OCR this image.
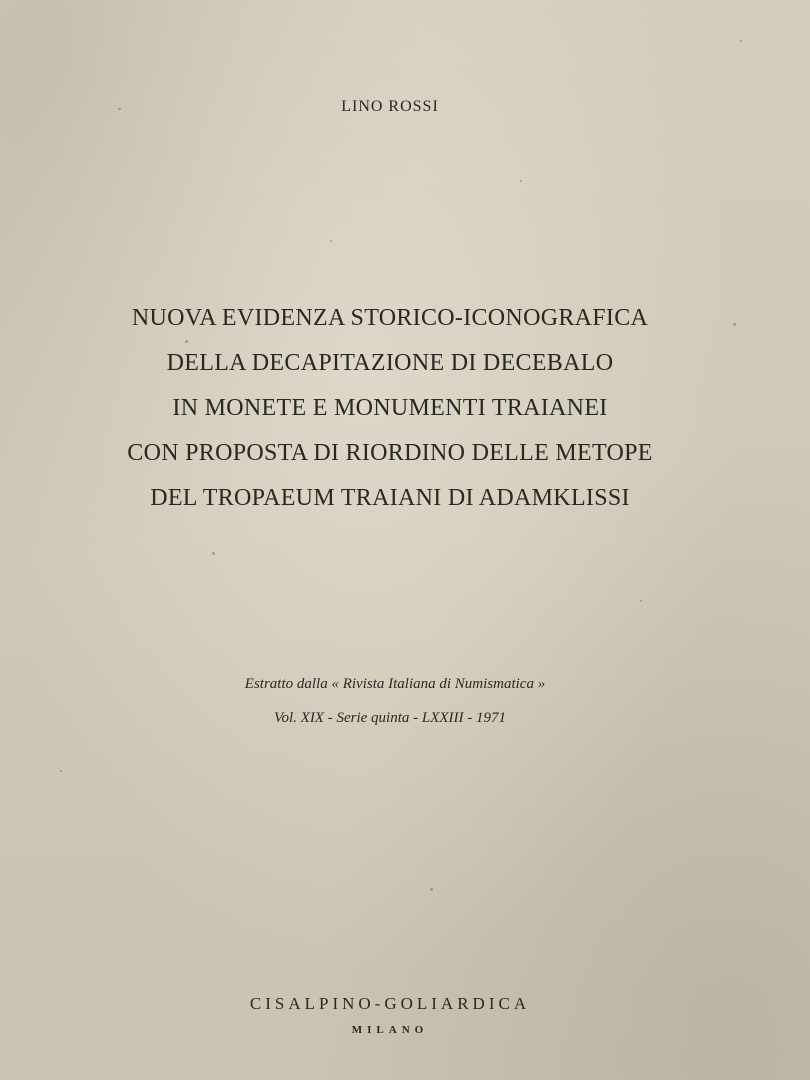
LINO ROSSI
NUOVA EVIDENZA STORICO-ICONOGRAFICA
DELLA DECAPITAZIONE DI DECEBALO
IN MONETE E MONUMENTI TRAIANEI
CON PROPOSTA DI RIORDINO DELLE METOPE
DEL TROPAEUM TRAIANI DI ADAMKLISSI
Estratto dalla « Rivista Italiana di Numismatica »
Vol. XIX - Serie quinta - LXXIII - 1971
CISALPINO-GOLIARDICA
MILANO
